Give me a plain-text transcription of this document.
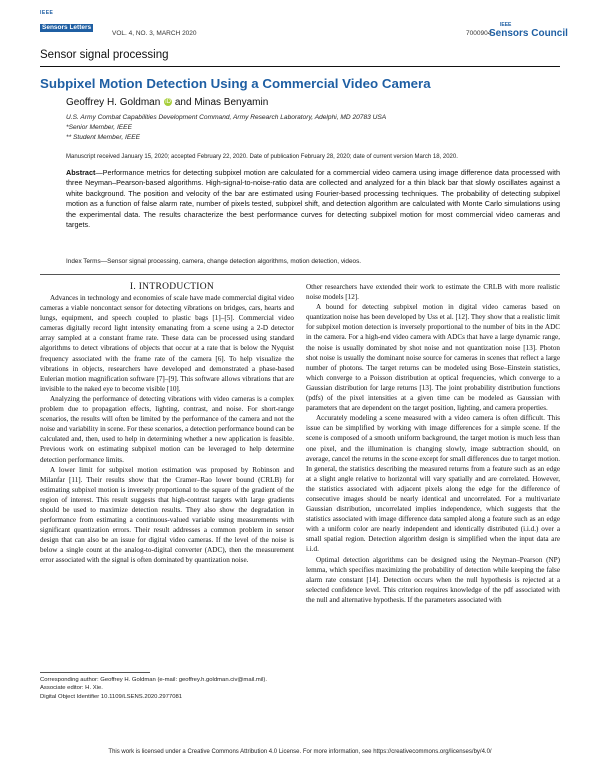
IEEE
Sensors Letters
VOL. 4, NO. 3, MARCH 2020	7000904
IEEE
Sensors Council
Sensor signal processing
Subpixel Motion Detection Using a Commercial Video Camera
Geoffrey H. Goldman iD and Minas Benyamin
U.S. Army Combat Capabilities Development Command, Army Research Laboratory, Adelphi, MD 20783 USA
*Senior Member, IEEE
** Student Member, IEEE
Manuscript received January 15, 2020; accepted February 22, 2020. Date of publication February 28, 2020; date of current version March 18, 2020.
Abstract—Performance metrics for detecting subpixel motion are calculated for a commercial video camera using image difference data processed with three Neyman–Pearson-based algorithms. High-signal-to-noise-ratio data are collected and analyzed for a thin black bar that slowly oscillates against a white background. The position and velocity of the bar are estimated using Fourier-based processing techniques. The probability of detecting subpixel motion as a function of false alarm rate, number of pixels tested, subpixel shift, and detection algorithm are calculated with Monte Carlo simulations using the experimental data. The results characterize the best performance curves for detecting subpixel motion for most commercial video cameras and targets.
Index Terms—Sensor signal processing, camera, change detection algorithms, motion detection, videos.

I. INTRODUCTION

Advances in technology and economies of scale have made commercial digital video cameras a viable noncontact sensor for detecting vibrations on bridges, cars, hearts and lungs, equipment, and speech coupled to plastic bags [1]–[5]. Commercial video cameras digitally record light intensity emanating from a scene using a 2-D detector array sampled at a constant frame rate. These data can be processed using standard algorithms to detect vibrations of objects that occur at a rate that is below the Nyquist frequency associated with the frame rate of the camera [6]. To help visualize the vibrations in objects, researchers have developed and demonstrated a phase-based Eulerian motion magnification software [7]–[9]. This software allows vibrations that are invisible to the naked eye to become visible [10].

Analyzing the performance of detecting vibrations with video cameras is a complex problem due to propagation effects, lighting, contrast, and noise. For short-range scenarios, the results will often be limited by the performance of the camera and not the noise and variability in scene. For these scenarios, a detection performance bound can be calculated and, then, used to help in determining whether a new application is feasible. Previous work on estimating subpixel motion can be leveraged to help determine detection performance limits.

A lower limit for subpixel motion estimation was proposed by Robinson and Milanfar [11]. Their results show that the Cramer–Rao lower bound (CRLB) for estimating subpixel motion is inversely proportional to the square of the gradient of the region of interest. This result suggests that high-contrast targets with large gradients should be used to maximize detection results. They also show the degradation in performance from estimating a continuous-valued variable using measurements with significant quantization errors. Their result addresses a common problem in sensor design that can also be an issue for digital video cameras. If the level of the noise is below a single count at the analog-to-digital converter (ADC), then the measurement error associated with the signal is often dominated by quantization noise.

Other researchers have extended their work to estimate the CRLB with more realistic noise models [12].

A bound for detecting subpixel motion in digital video cameras based on quantization noise has been developed by Uss et al. [12]. They show that a realistic limit for subpixel motion detection is inversely proportional to the number of bits in the ADC in the camera. For a high-end video camera with ADCs that have a large dynamic range, the noise is usually dominated by shot noise and not quantization noise [13]. Photon shot noise is usually the dominant noise source for cameras in scenes that reflect a large number of photons. The target returns can be modeled using Bose–Einstein statistics, which converge to a Poisson distribution at optical frequencies, which converge to a Gaussian distribution for large returns [13]. The joint probability distribution functions (pdfs) of the pixel intensities at a given time can be modeled as Gaussian with parameters that are dependent on the target position, lighting, and camera properties.

Accurately modeling a scene measured with a video camera is often difficult. This issue can be simplified by working with image differences for a simple scene. If the scene is composed of a smooth uniform background, the target motion is much less than one pixel, and the illumination is changing slowly, image subtraction should, on average, cancel the returns in the scene except for small differences due to target motion. In general, the statistics describing the measured returns from a feature such as an edge at a slight angle relative to horizontal will vary spatially and are correlated. However, the statistics associated with adjacent pixels along the edge for the difference of consecutive images should be nearly identical and uncorrelated. For a multivariate Gaussian distribution, uncorrelated implies independence, which suggests that the statistics associated with image difference data sampled along a feature such as an edge with a uniform color are nearly independent and identically distributed (i.i.d.) over a small spatial region. Detection algorithm design is simplified when the input data are i.i.d.

Optimal detection algorithms can be designed using the Neyman–Pearson (NP) lemma, which specifies maximizing the probability of detection while keeping the false alarm rate constant [14]. Detection occurs when the null hypothesis is rejected at a selected confidence level. This criterion requires knowledge of the pdf associated with the null and alternative hypothesis. If the parameters associated with

Corresponding author: Geoffrey H. Goldman (e-mail: geoffrey.h.goldman.civ@mail.mil).
Associate editor: H. Xie.
Digital Object Identifier 10.1109/LSENS.2020.2977081
This work is licensed under a Creative Commons Attribution 4.0 License. For more information, see https://creativecommons.org/licenses/by/4.0/
